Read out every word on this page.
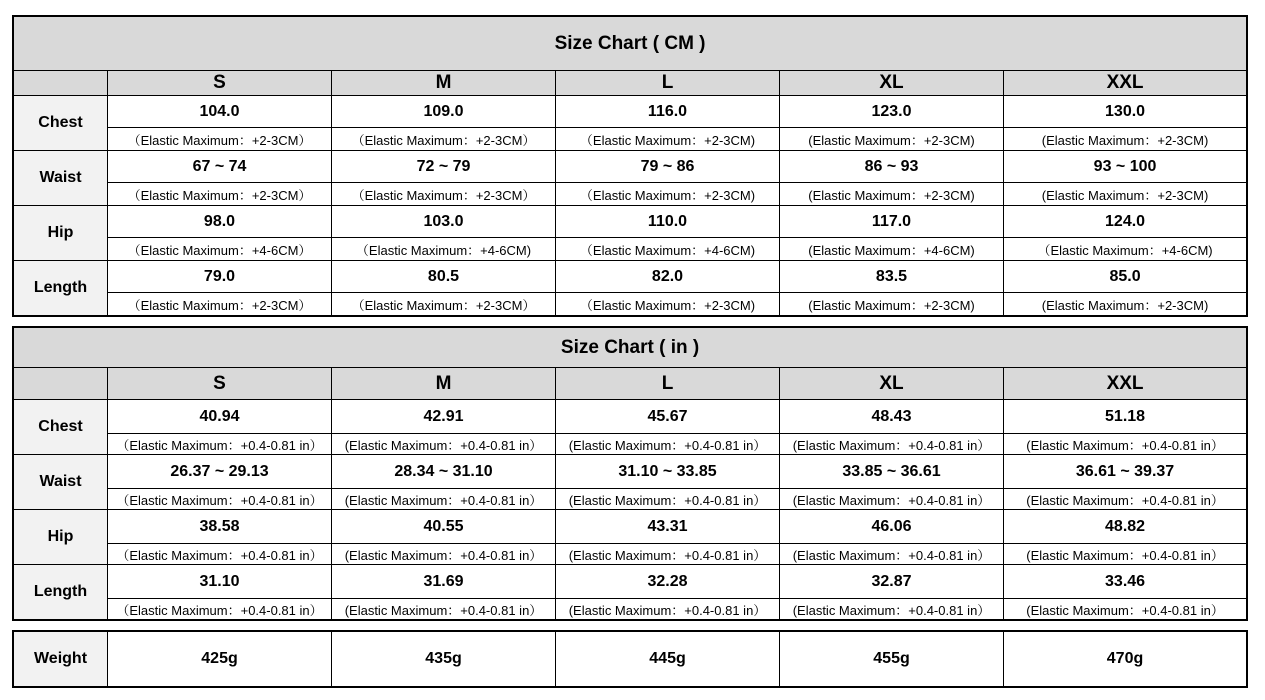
Size Chart ( CM )					
	S	M	L	XL	XXL
Chest	104.0	109.0	116.0	123.0	130.0
	（Elastic Maximum：+2-3CM）	（Elastic Maximum：+2-3CM）	（Elastic Maximum：+2-3CM)	(Elastic Maximum：+2-3CM)	(Elastic Maximum：+2-3CM)
Waist	67 ~ 74	72 ~ 79	79 ~ 86	86 ~ 93	93 ~ 100
	（Elastic Maximum：+2-3CM）	（Elastic Maximum：+2-3CM）	（Elastic Maximum：+2-3CM)	(Elastic Maximum：+2-3CM)	(Elastic Maximum：+2-3CM)
Hip	98.0	103.0	110.0	117.0	124.0
	（Elastic Maximum：+4-6CM）	（Elastic Maximum：+4-6CM)	（Elastic Maximum：+4-6CM)	(Elastic Maximum：+4-6CM)	（Elastic Maximum：+4-6CM)
Length	79.0	80.5	82.0	83.5	85.0
	（Elastic Maximum：+2-3CM）	（Elastic Maximum：+2-3CM）	（Elastic Maximum：+2-3CM)	(Elastic Maximum：+2-3CM)	(Elastic Maximum：+2-3CM)
Size Chart ( in )					
	S	M	L	XL	XXL
Chest	40.94	42.91	45.67	48.43	51.18
	（Elastic Maximum：+0.4-0.81 in）	(Elastic Maximum：+0.4-0.81 in）	(Elastic Maximum：+0.4-0.81 in）	(Elastic Maximum：+0.4-0.81 in）	(Elastic Maximum：+0.4-0.81 in）
Waist	26.37 ~ 29.13	28.34 ~ 31.10	31.10 ~ 33.85	33.85 ~ 36.61	36.61 ~ 39.37
	（Elastic Maximum：+0.4-0.81 in）	(Elastic Maximum：+0.4-0.81 in）	(Elastic Maximum：+0.4-0.81 in）	(Elastic Maximum：+0.4-0.81 in）	(Elastic Maximum：+0.4-0.81 in）
Hip	38.58	40.55	43.31	46.06	48.82
	（Elastic Maximum：+0.4-0.81 in）	(Elastic Maximum：+0.4-0.81 in）	(Elastic Maximum：+0.4-0.81 in）	(Elastic Maximum：+0.4-0.81 in）	(Elastic Maximum：+0.4-0.81 in）
Length	31.10	31.69	32.28	32.87	33.46
	（Elastic Maximum：+0.4-0.81 in）	(Elastic Maximum：+0.4-0.81 in）	(Elastic Maximum：+0.4-0.81 in）	(Elastic Maximum：+0.4-0.81 in）	(Elastic Maximum：+0.4-0.81 in）
Weight	425g	435g	445g	455g	470g
